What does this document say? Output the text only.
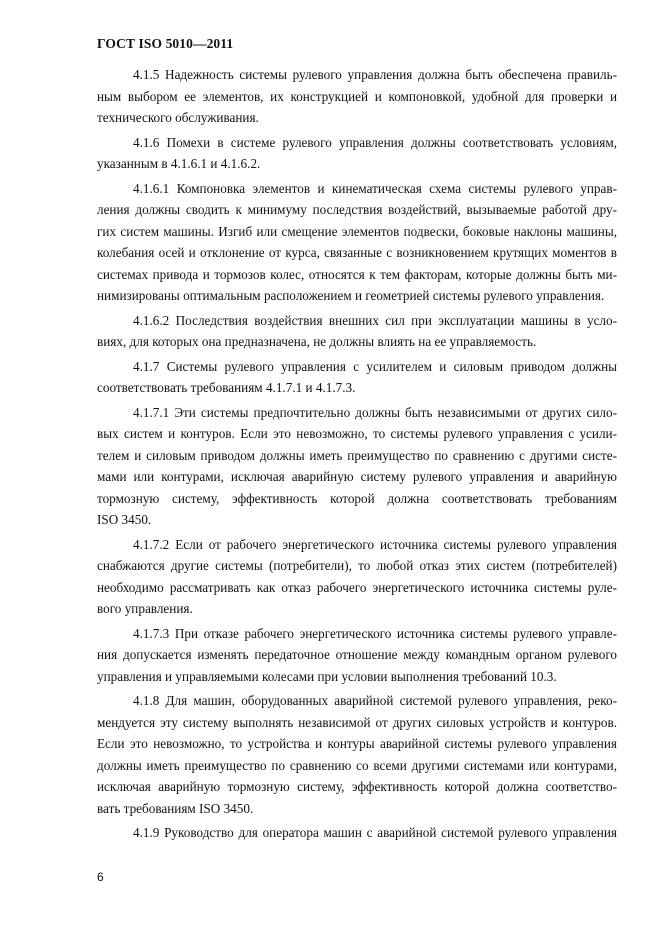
ГОСТ ISO 5010—2011
4.1.5 Надежность системы рулевого управления должна быть обеспечена правиль-
ным выбором ее элементов, их конструкцией и компоновкой, удобной для проверки и
технического обслуживания.
4.1.6 Помехи в системе рулевого управления должны соответствовать условиям,
указанным в 4.1.6.1 и 4.1.6.2.
4.1.6.1 Компоновка элементов и кинематическая схема системы рулевого управ-
ления должны сводить к минимуму последствия воздействий, вызываемые работой дру-
гих систем машины. Изгиб или смещение элементов подвески, боковые наклоны машины,
колебания осей и отклонение от курса, связанные с возникновением крутящих моментов в
системах привода и тормозов колес, относятся к тем факторам, которые должны быть ми-
нимизированы оптимальным расположением и геометрией системы рулевого управления.
4.1.6.2 Последствия воздействия внешних сил при эксплуатации машины в усло-
виях, для которых она предназначена, не должны влиять на ее управляемость.
4.1.7 Системы рулевого управления с усилителем и силовым приводом должны
соответствовать требованиям 4.1.7.1 и 4.1.7.3.
4.1.7.1 Эти системы предпочтительно должны быть независимыми от других сило-
вых систем и контуров. Если это невозможно, то системы рулевого управления с усили-
телем и силовым приводом должны иметь преимущество по сравнению с другими систе-
мами или контурами, исключая аварийную систему рулевого управления и аварийную
тормозную систему, эффективность которой должна соответствовать требованиям
ISO 3450.
4.1.7.2 Если от рабочего энергетического источника системы рулевого управления
снабжаются другие системы (потребители), то любой отказ этих систем (потребителей)
необходимо рассматривать как отказ рабочего энергетического источника системы руле-
вого управления.
4.1.7.3 При отказе рабочего энергетического источника системы рулевого управле-
ния допускается изменять передаточное отношение между командным органом рулевого
управления и управляемыми колесами при условии выполнения требований 10.3.
4.1.8 Для машин, оборудованных аварийной системой рулевого управления, реко-
мендуется эту систему выполнять независимой от других силовых устройств и контуров.
Если это невозможно, то устройства и контуры аварийной системы рулевого управления
должны иметь преимущество по сравнению со всеми другими системами или контурами,
исключая аварийную тормозную систему, эффективность которой должна соответство-
вать требованиям ISO 3450.
4.1.9 Руководство для оператора машин с аварийной системой рулевого управления
6
